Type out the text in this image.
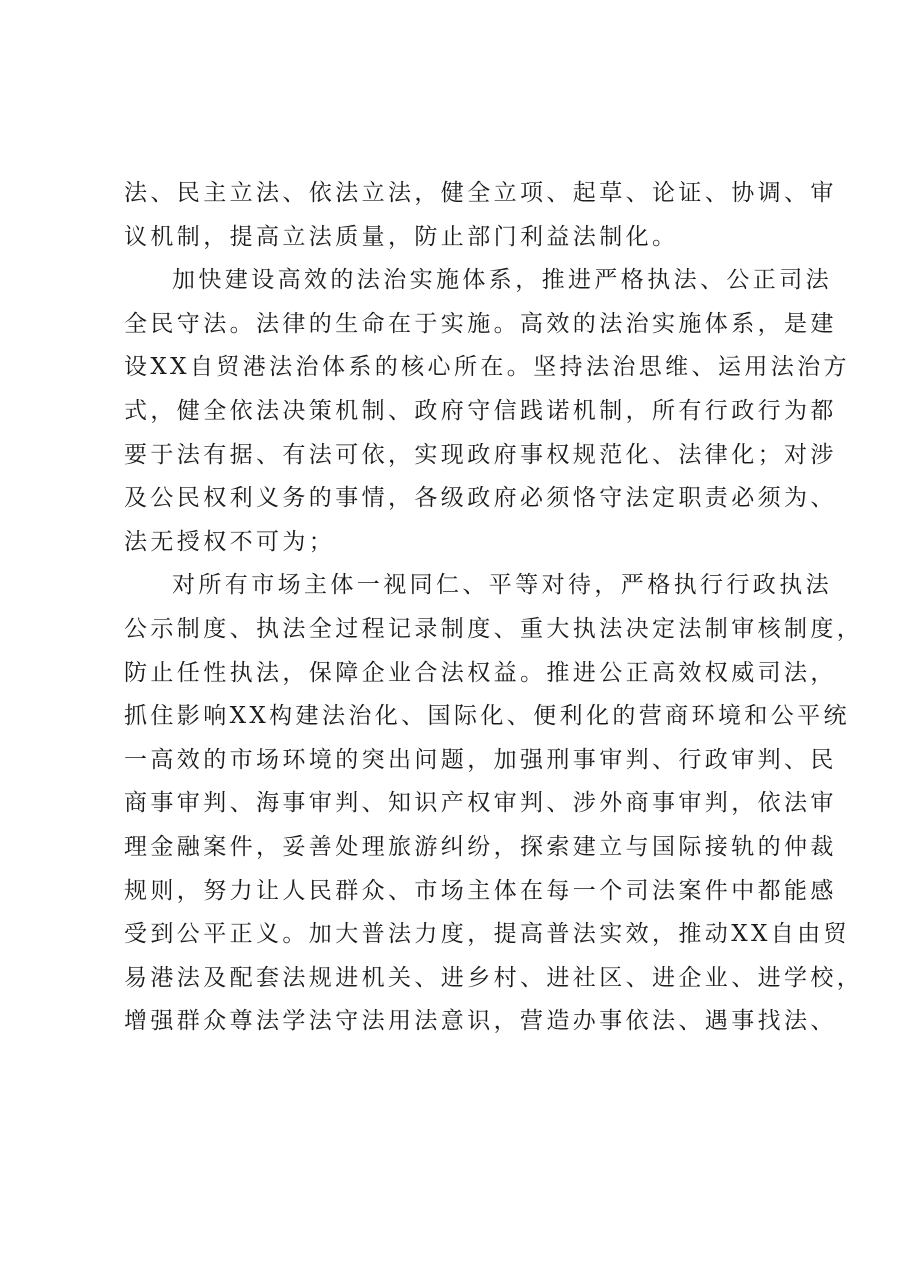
法、民主立法、依法立法，健全立项、起草、论证、协调、审
议机制，提高立法质量，防止部门利益法制化。
加快建设高效的法治实施体系，推进严格执法、公正司法
全民守法。法律的生命在于实施。高效的法治实施体系，是建
设XX自贸港法治体系的核心所在。坚持法治思维、运用法治方
式，健全依法决策机制、政府守信践诺机制，所有行政行为都
要于法有据、有法可依，实现政府事权规范化、法律化；对涉
及公民权利义务的事情，各级政府必须恪守法定职责必须为、
法无授权不可为；
对所有市场主体一视同仁、平等对待，严格执行行政执法
公示制度、执法全过程记录制度、重大执法决定法制审核制度，
防止任性执法，保障企业合法权益。推进公正高效权威司法，
抓住影响XX构建法治化、国际化、便利化的营商环境和公平统
一高效的市场环境的突出问题，加强刑事审判、行政审判、民
商事审判、海事审判、知识产权审判、涉外商事审判，依法审
理金融案件，妥善处理旅游纠纷，探索建立与国际接轨的仲裁
规则，努力让人民群众、市场主体在每一个司法案件中都能感
受到公平正义。加大普法力度，提高普法实效，推动XX自由贸
易港法及配套法规进机关、进乡村、进社区、进企业、进学校，
增强群众尊法学法守法用法意识，营造办事依法、遇事找法、
